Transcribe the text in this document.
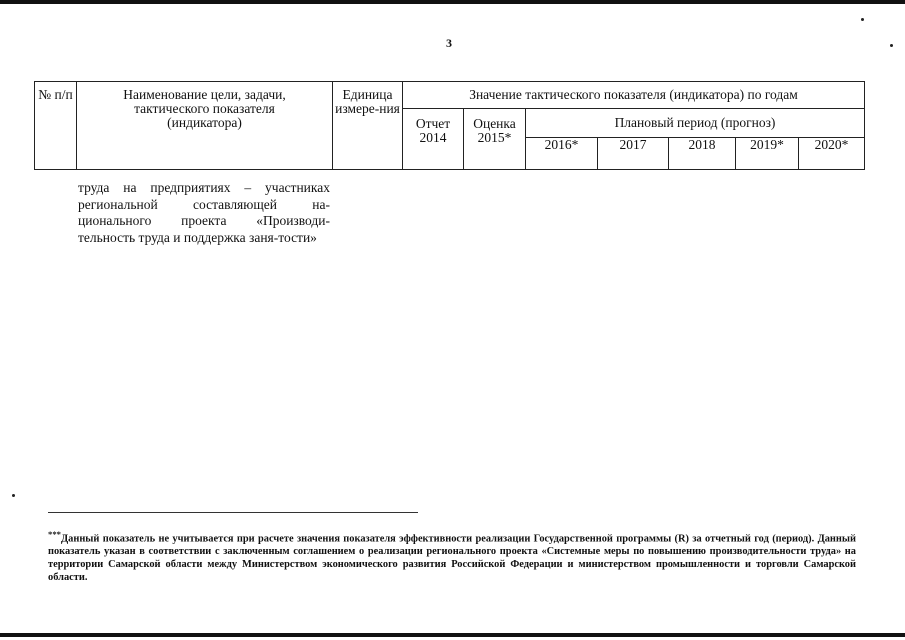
3
№ п/п	Наименование цели, задачи, тактического показателя (индикатора)	Единица измере-ния	Значение тактического показателя (индикатора) по годам						
			Отчет 2014	Оценка 2015*	Плановый период (прогноз)				
					2016*	2017	2018	2019*	2020*
труда на предприятиях – участниках региональной составляющей на-ционального проекта «Производи-тельность труда и поддержка заня-тости»
***Данный показатель не учитывается при расчете значения показателя эффективности реализации Государственной программы (R) за отчетный год (период). Данный показатель указан в соответствии с заключенным соглашением о реализации регионального проекта «Системные меры по повышению производительности труда» на территории Самарской области между Министерством экономического развития Российской Федерации и министерством промышленности и торговли Самарской области.
